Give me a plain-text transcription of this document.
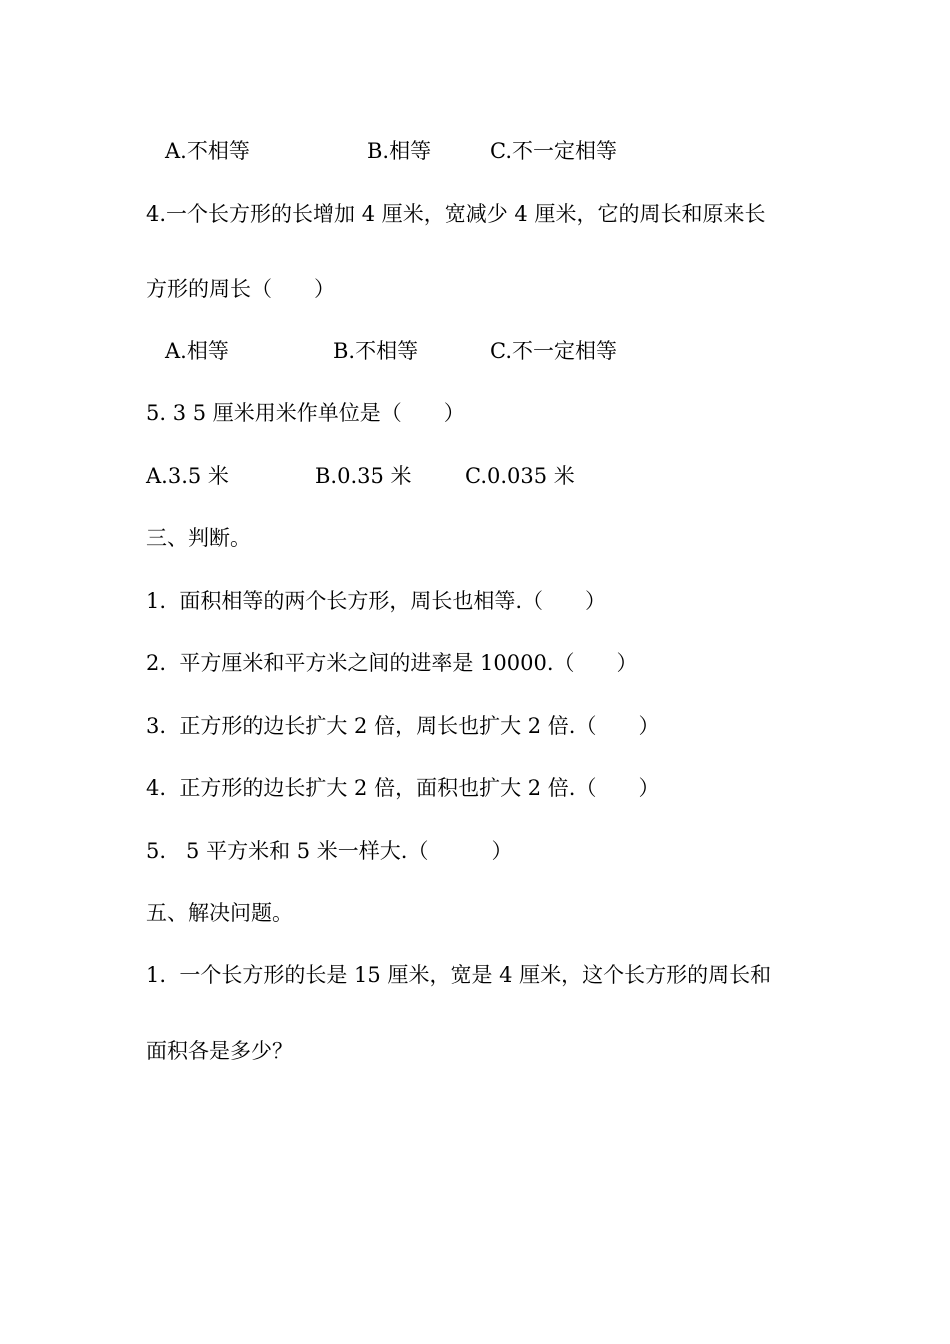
A.不相等	B.相等	C.不一定相等
4.一个长方形的长增加 4 厘米，宽减少 4 厘米，它的周长和原来长
方形的周长（　　）
A.相等	B.不相等	C.不一定相等
5. 3 5 厘米用米作单位是（　　）
A.3.5 米	B.0.35 米	C.0.035 米
三、判断。
1.  面积相等的两个长方形，周长也相等.（　　）
2.  平方厘米和平方米之间的进率是 10000.（　　）
3.  正方形的边长扩大 2 倍，周长也扩大 2 倍.（　　）
4.  正方形的边长扩大 2 倍，面积也扩大 2 倍.（　　）
5.   5 平方米和 5 米一样大.（　　　）
五、解决问题。
1.  一个长方形的长是 15 厘米，宽是 4 厘米，这个长方形的周长和
面积各是多少？
